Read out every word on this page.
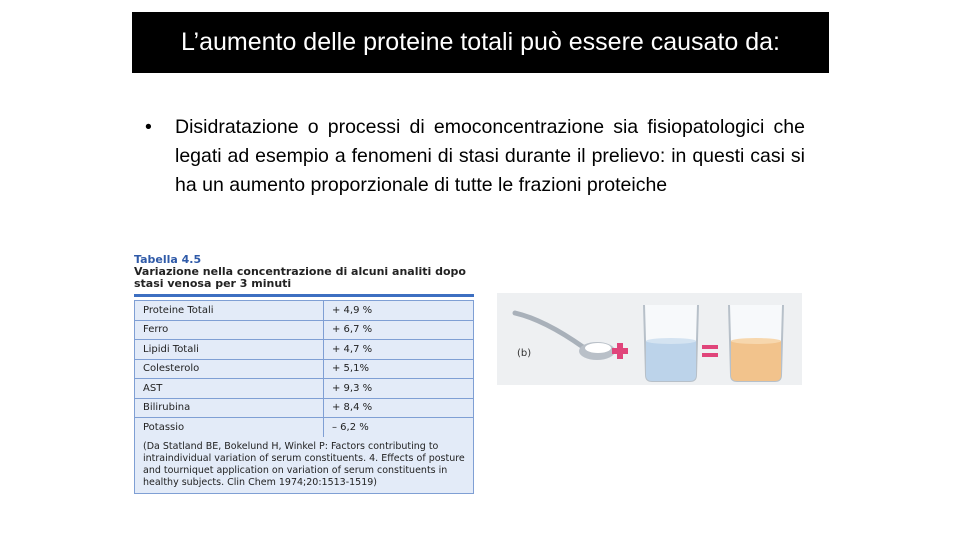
L’aumento delle proteine totali può essere causato da:
• Disidratazione o processi di emoconcentrazione sia fisiopatologici che legati ad esempio a fenomeni di stasi durante il prelievo: in questi casi si ha un aumento proporzionale di tutte le frazioni proteiche
Tabella 4.5
Variazione nella concentrazione di alcuni analiti dopo stasi venosa per 3 minuti
Proteine Totali	+ 4,9 %
Ferro	+ 6,7 %
Lipidi Totali	+ 4,7 %
Colesterolo	+ 5,1%
AST	+ 9,3 %
Bilirubina	+ 8,4 %
Potassio	– 6,2 %
(Da Statland BE, Bokelund H, Winkel P: Factors contributing to intraindividual variation of serum constituents. 4. Effects of posture and tourniquet application on variation of serum constituents in healthy subjects. Clin Chem 1974;20:1513-1519)
(b)
